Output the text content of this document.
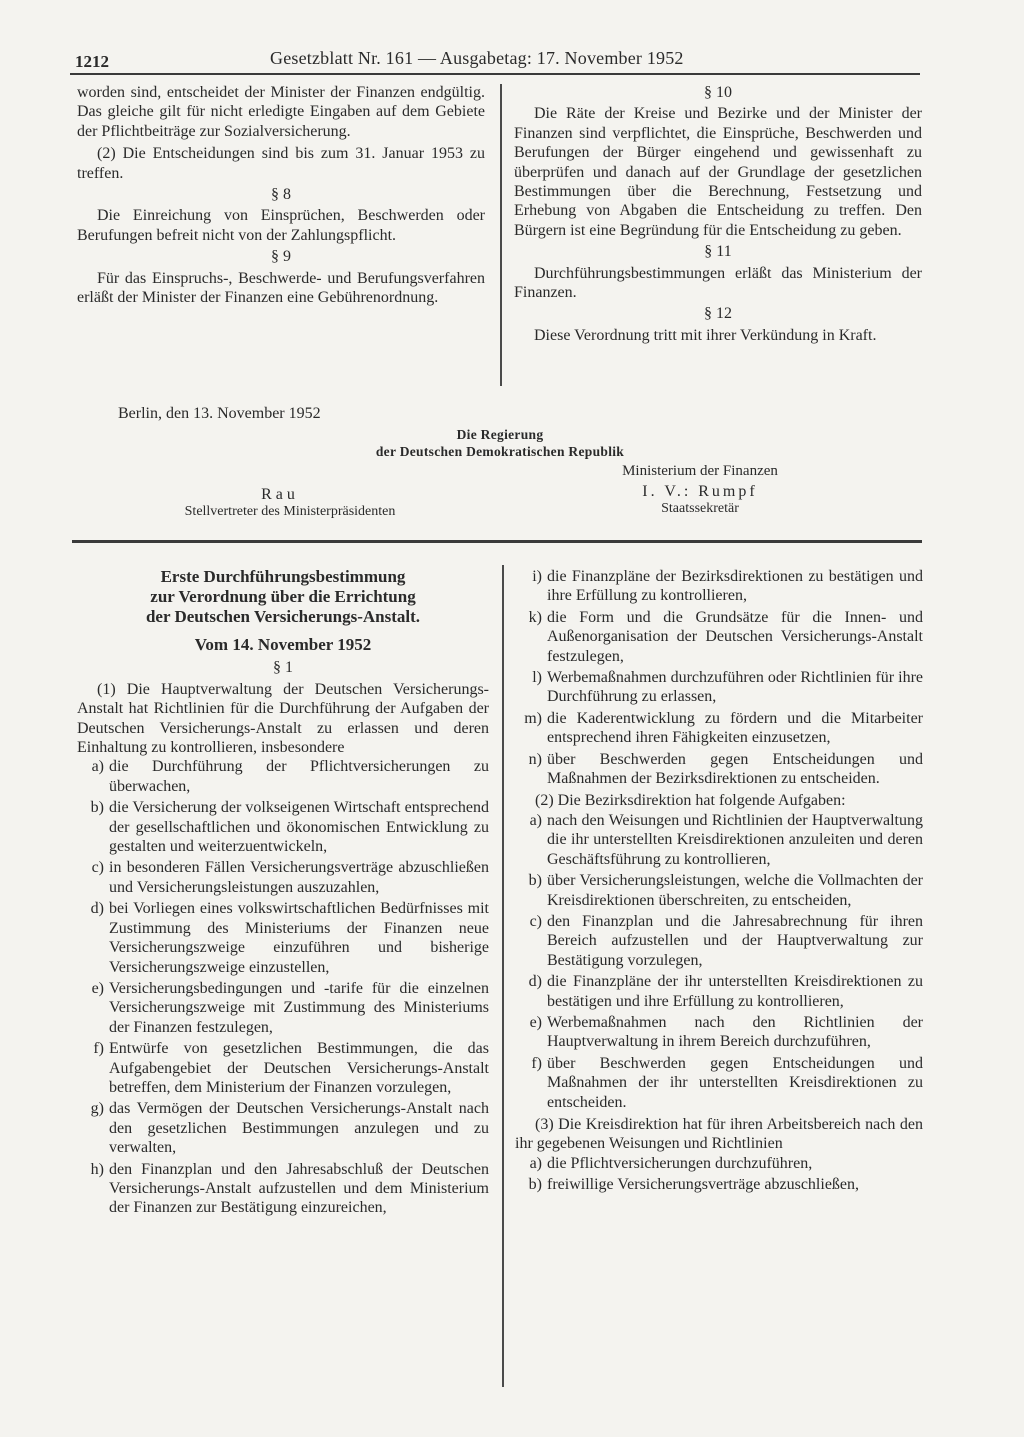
1212	Gesetzblatt Nr. 161 — Ausgabetag: 17. November 1952

worden sind, entscheidet der Minister der Finanzen endgültig. Das gleiche gilt für nicht erledigte Eingaben auf dem Gebiete der Pflichtbeiträge zur Sozialversicherung.

(2) Die Entscheidungen sind bis zum 31. Januar 1953 zu treffen.

§ 8

Die Einreichung von Einsprüchen, Beschwerden oder Berufungen befreit nicht von der Zahlungspflicht.

§ 9

Für das Einspruchs-, Beschwerde- und Berufungsverfahren erläßt der Minister der Finanzen eine Gebührenordnung.

§ 10

Die Räte der Kreise und Bezirke und der Minister der Finanzen sind verpflichtet, die Einsprüche, Beschwerden und Berufungen der Bürger eingehend und gewissenhaft zu überprüfen und danach auf der Grundlage der gesetzlichen Bestimmungen über die Berechnung, Festsetzung und Erhebung von Abgaben die Entscheidung zu treffen. Den Bürgern ist eine Begründung für die Entscheidung zu geben.

§ 11

Durchführungsbestimmungen erläßt das Ministerium der Finanzen.

§ 12

Diese Verordnung tritt mit ihrer Verkündung in Kraft.

Berlin, den 13. November 1952
Die Regierung
der Deutschen Demokratischen Republik
Rau
Stellvertreter des Ministerpräsidenten
Ministerium der Finanzen
I. V.: Rumpf
Staatssekretär
Erste Durchführungsbestimmung
zur Verordnung über die Errichtung
der Deutschen Versicherungs-Anstalt.
Vom 14. November 1952

§ 1

(1) Die Hauptverwaltung der Deutschen Versicherungs-Anstalt hat Richtlinien für die Durchführung der Aufgaben der Deutschen Versicherungs-Anstalt zu erlassen und deren Einhaltung zu kontrollieren, insbesondere

a) die Durchführung der Pflichtversicherungen zu überwachen,
b) die Versicherung der volkseigenen Wirtschaft entsprechend der gesellschaftlichen und ökonomischen Entwicklung zu gestalten und weiterzuentwickeln,
c) in besonderen Fällen Versicherungsverträge abzuschließen und Versicherungsleistungen auszuzahlen,
d) bei Vorliegen eines volkswirtschaftlichen Bedürfnisses mit Zustimmung des Ministeriums der Finanzen neue Versicherungszweige einzuführen und bisherige Versicherungszweige einzustellen,
e) Versicherungsbedingungen und -tarife für die einzelnen Versicherungszweige mit Zustimmung des Ministeriums der Finanzen festzulegen,
f) Entwürfe von gesetzlichen Bestimmungen, die das Aufgabengebiet der Deutschen Versicherungs-Anstalt betreffen, dem Ministerium der Finanzen vorzulegen,
g) das Vermögen der Deutschen Versicherungs-Anstalt nach den gesetzlichen Bestimmungen anzulegen und zu verwalten,
h) den Finanzplan und den Jahresabschluß der Deutschen Versicherungs-Anstalt aufzustellen und dem Ministerium der Finanzen zur Bestätigung einzureichen,
i) die Finanzpläne der Bezirksdirektionen zu bestätigen und ihre Erfüllung zu kontrollieren,
k) die Form und die Grundsätze für die Innen- und Außenorganisation der Deutschen Versicherungs-Anstalt festzulegen,
l) Werbemaßnahmen durchzuführen oder Richtlinien für ihre Durchführung zu erlassen,
m) die Kaderentwicklung zu fördern und die Mitarbeiter entsprechend ihren Fähigkeiten einzusetzen,
n) über Beschwerden gegen Entscheidungen und Maßnahmen der Bezirksdirektionen zu entscheiden.

(2) Die Bezirksdirektion hat folgende Aufgaben:

a) nach den Weisungen und Richtlinien der Hauptverwaltung die ihr unterstellten Kreisdirektionen anzuleiten und deren Geschäftsführung zu kontrollieren,
b) über Versicherungsleistungen, welche die Vollmachten der Kreisdirektionen überschreiten, zu entscheiden,
c) den Finanzplan und die Jahresabrechnung für ihren Bereich aufzustellen und der Hauptverwaltung zur Bestätigung vorzulegen,
d) die Finanzpläne der ihr unterstellten Kreisdirektionen zu bestätigen und ihre Erfüllung zu kontrollieren,
e) Werbemaßnahmen nach den Richtlinien der Hauptverwaltung in ihrem Bereich durchzuführen,
f) über Beschwerden gegen Entscheidungen und Maßnahmen der ihr unterstellten Kreisdirektionen zu entscheiden.

(3) Die Kreisdirektion hat für ihren Arbeitsbereich nach den ihr gegebenen Weisungen und Richtlinien

a) die Pflichtversicherungen durchzuführen,
b) freiwillige Versicherungsverträge abzuschließen,
